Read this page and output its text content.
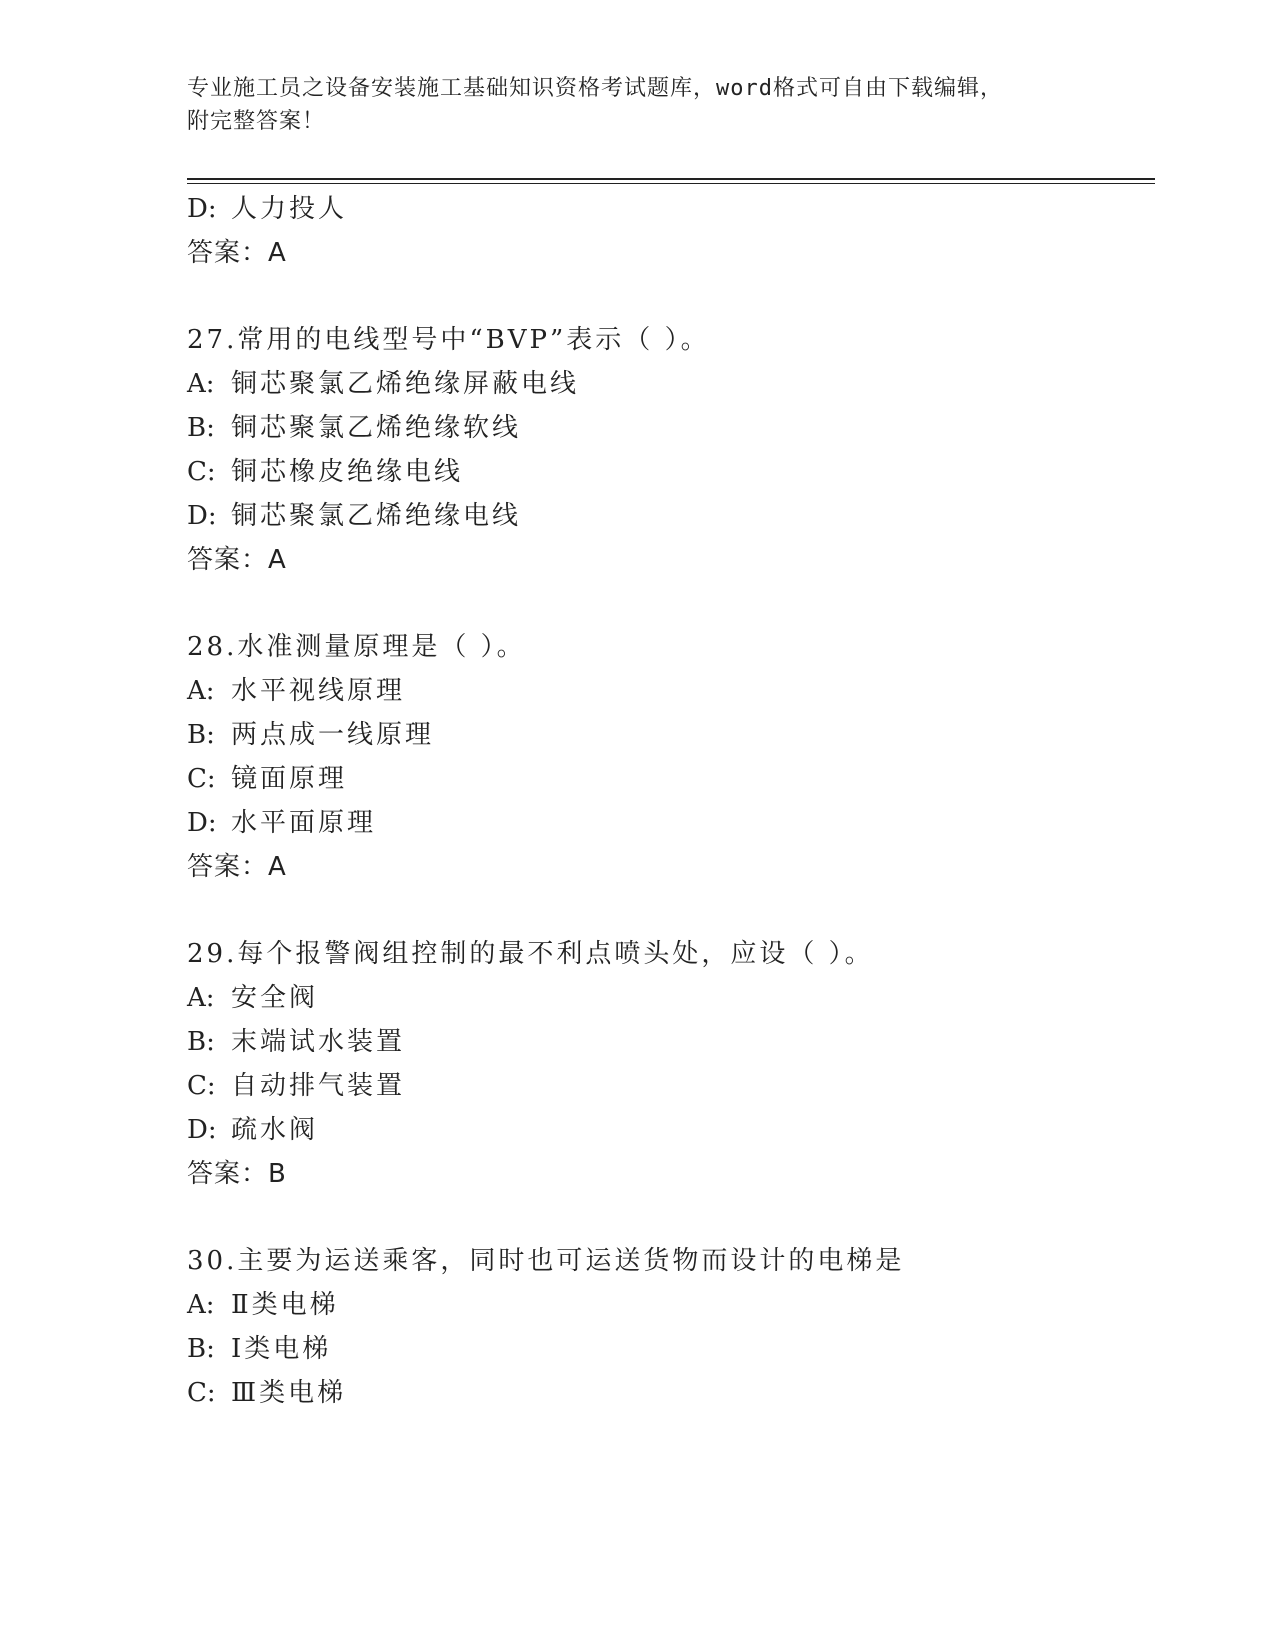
专业施工员之设备安装施工基础知识资格考试题库，word格式可自由下载编辑，
附完整答案！
D: 人力投人
答案：A
27.常用的电线型号中“BVP”表示（ ）。
A: 铜芯聚氯乙烯绝缘屏蔽电线
B: 铜芯聚氯乙烯绝缘软线
C: 铜芯橡皮绝缘电线
D: 铜芯聚氯乙烯绝缘电线
答案：A
28.水准测量原理是（ ）。
A: 水平视线原理
B: 两点成一线原理
C: 镜面原理
D: 水平面原理
答案：A
29.每个报警阀组控制的最不利点喷头处，应设（ ）。
A: 安全阀
B: 末端试水装置
C: 自动排气装置
D: 疏水阀
答案：B
30.主要为运送乘客，同时也可运送货物而设计的电梯是
A: Ⅱ类电梯
B: Ⅰ类电梯
C: Ⅲ类电梯
